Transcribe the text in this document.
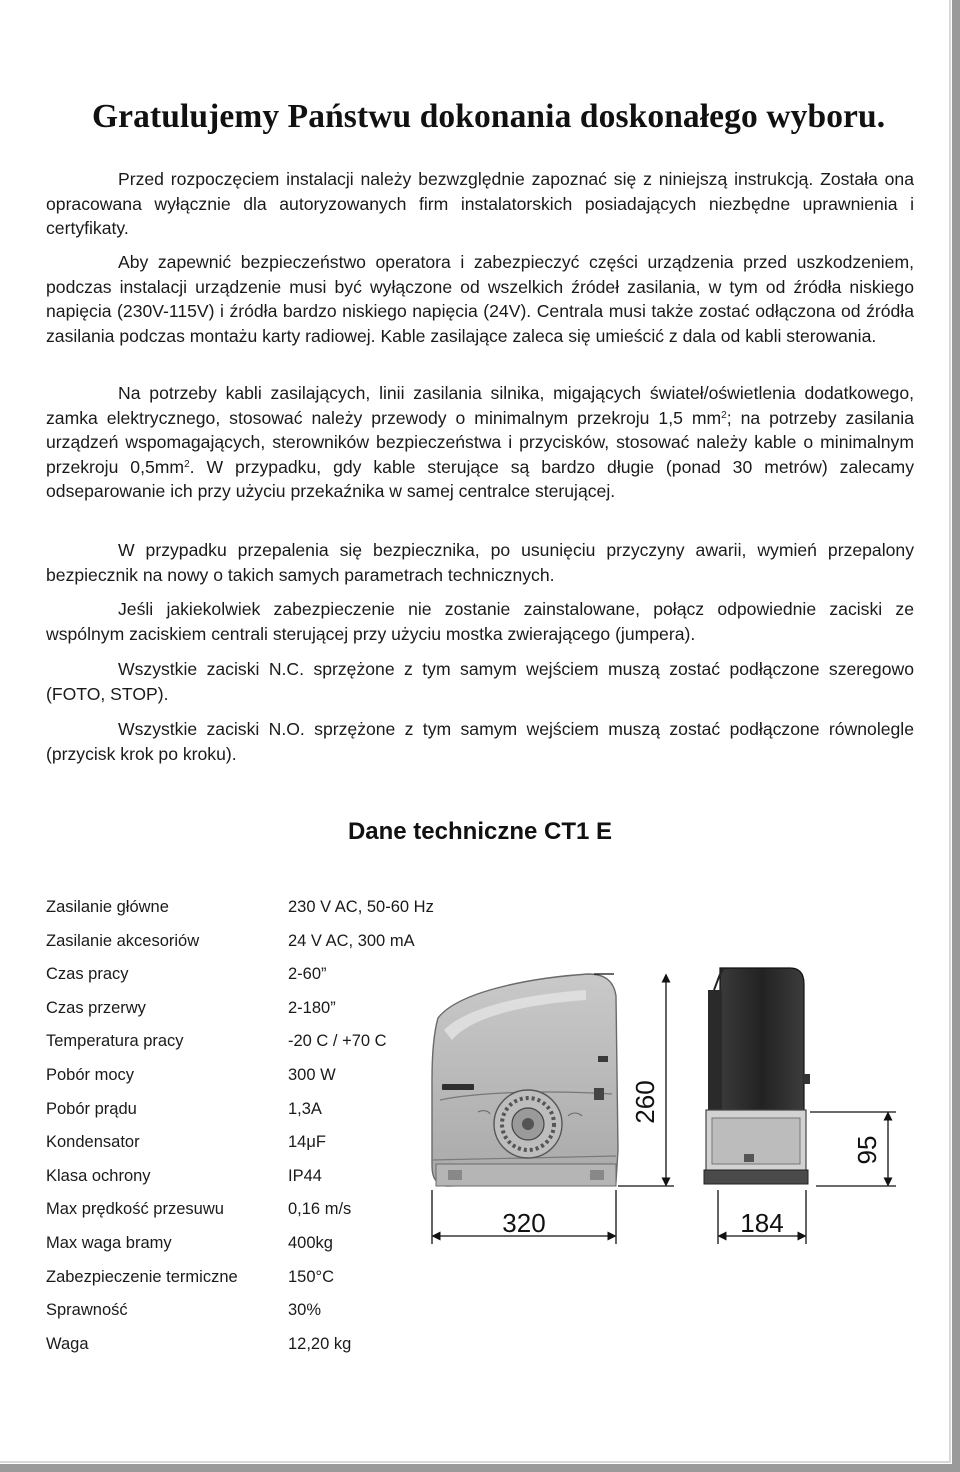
Gratulujemy Państwu dokonania doskonałego wyboru.

Przed rozpoczęciem instalacji należy bezwzględnie zapoznać się z niniejszą instrukcją. Została ona opracowana wyłącznie dla autoryzowanych firm instalatorskich posiadających niezbędne uprawnienia i certyfikaty.

Aby zapewnić bezpieczeństwo operatora i zabezpieczyć części urządzenia przed uszkodzeniem, podczas instalacji urządzenie musi być wyłączone od wszelkich źródeł zasilania, w tym od źródła niskiego napięcia (230V-115V) i źródła bardzo niskiego napięcia (24V). Centrala musi także zostać odłączona od źródła zasilania podczas montażu karty radiowej. Kable zasilające zaleca się umieścić z dala od kabli sterowania.

Na potrzeby kabli zasilających, linii zasilania silnika, migających świateł/oświetlenia dodatkowego, zamka elektrycznego, stosować należy przewody o minimalnym przekroju 1,5 $mm^2$; na potrzeby zasilania urządzeń wspomagających, sterowników bezpieczeństwa i przycisków, stosować należy kable o minimalnym przekroju $0,5mm^2$. W przypadku, gdy kable sterujące są bardzo długie (ponad 30 metrów) zalecamy odseparowanie ich przy użyciu przekaźnika w samej centralce sterującej.

W przypadku przepalenia się bezpiecznika, po usunięciu przyczyny awarii, wymień przepalony bezpiecznik na nowy o takich samych parametrach technicznych.

Jeśli jakiekolwiek zabezpieczenie nie zostanie zainstalowane, połącz odpowiednie zaciski ze wspólnym zaciskiem centrali sterującej przy użyciu mostka zwierającego (jumpera).

Wszystkie zaciski N.C. sprzężone z tym samym wejściem muszą zostać podłączone szeregowo (FOTO, STOP).

Wszystkie zaciski N.O. sprzężone z tym samym wejściem muszą zostać podłączone równolegle (przycisk krok po kroku).

Dane techniczne CT1 E
Zasilanie główne	230 V AC, 50-60 Hz
Zasilanie akcesoriów	24 V AC, 300 mA
Czas pracy	2-60”
Czas przerwy	2-180”
Temperatura pracy	-20 C / +70 C
Pobór mocy	300 W
Pobór prądu	1,3A
Kondensator	14μF
Klasa ochrony	IP44
Max prędkość przesuwu	0,16 m/s
Max waga bramy	400kg
Zabezpieczenie termiczne	150°C
Sprawność	30%
Waga	12,20 kg
260
95
320	184
